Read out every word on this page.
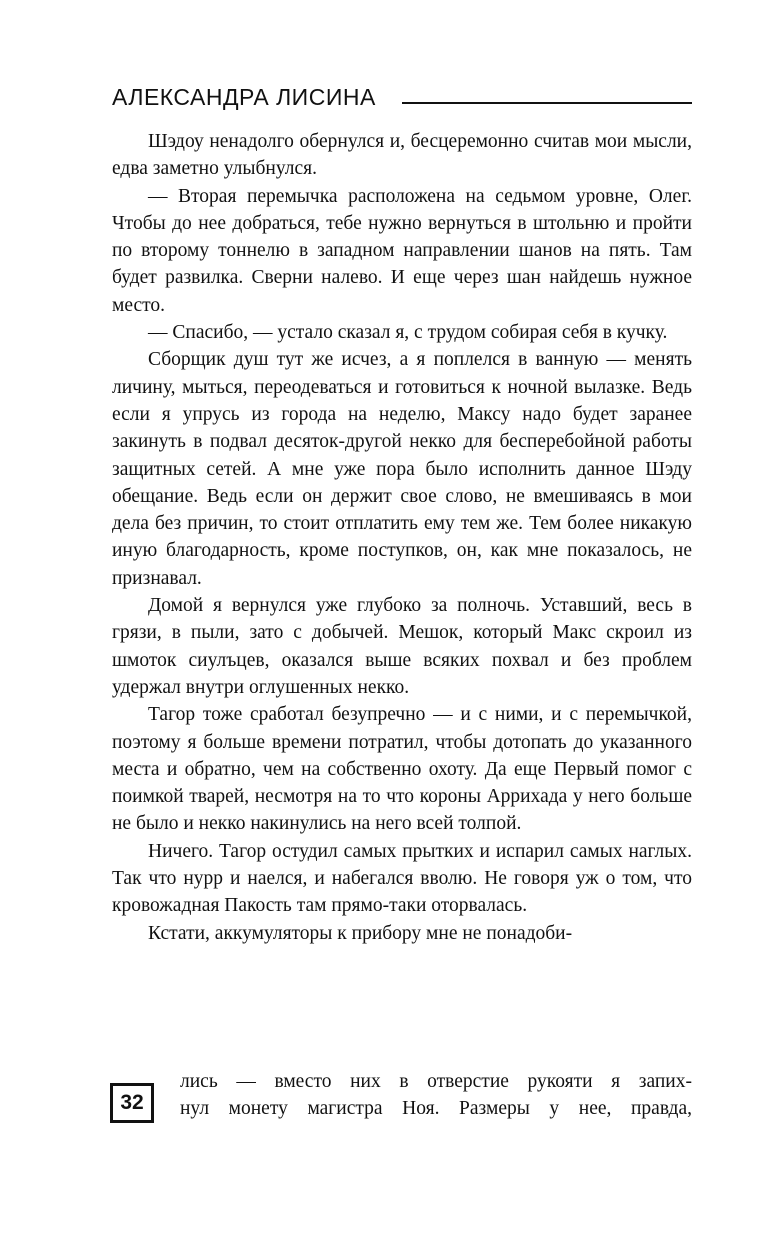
АЛЕКСАНДРА ЛИСИНА

Шэдоу ненадолго обернулся и, бесцеремонно считав мои мысли, едва заметно улыбнулся.

— Вторая перемычка расположена на седьмом уровне, Олег. Чтобы до нее добраться, тебе нужно вернуться в штольню и пройти по второму тоннелю в западном направлении шанов на пять. Там будет развилка. Сверни налево. И еще через шан найдешь нужное место.

— Спасибо, — устало сказал я, с трудом собирая себя в кучку.

Сборщик душ тут же исчез, а я поплелся в ванную — менять личину, мыться, переодеваться и готовиться к ночной вылазке. Ведь если я упрусь из города на неделю, Максу надо будет заранее закинуть в подвал десяток-другой некко для бесперебойной работы защитных сетей. А мне уже пора было исполнить данное Шэду обещание. Ведь если он держит свое слово, не вмешиваясь в мои дела без причин, то стоит отплатить ему тем же. Тем более никакую иную благодарность, кроме поступков, он, как мне показалось, не признавал.

Домой я вернулся уже глубоко за полночь. Уставший, весь в грязи, в пыли, зато с добычей. Мешок, который Макс скроил из шмоток сиулъцев, оказался выше всяких похвал и без проблем удержал внутри оглушенных некко.

Тагор тоже сработал безупречно — и с ними, и с перемычкой, поэтому я больше времени потратил, чтобы дотопать до указанного места и обратно, чем на собственно охоту. Да еще Первый помог с поимкой тварей, несмотря на то что короны Аррихада у него больше не было и некко накинулись на него всей толпой.

Ничего. Тагор остудил самых прытких и испарил самых наглых. Так что нурр и наелся, и набегался вволю. Не говоря уж о том, что кровожадная Пакость там прямо-таки оторвалась.

Кстати, аккумуляторы к прибору мне не понадоби-

лись — вместо них в отверстие рукояти я запих-
нул монету магистра Ноя. Размеры у нее, правда,
32
